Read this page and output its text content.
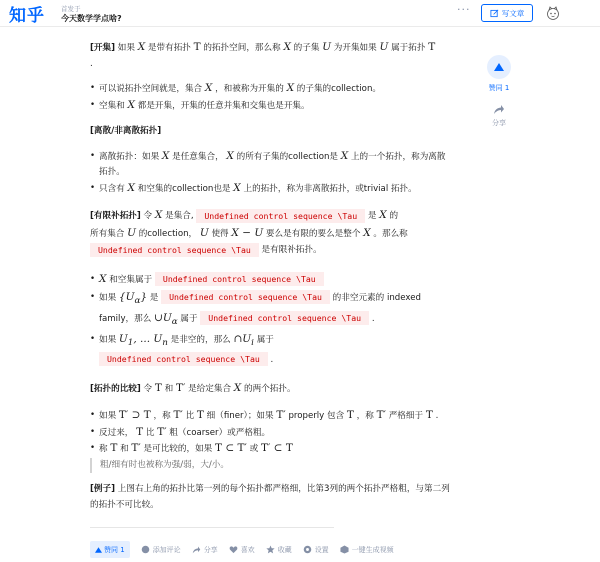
知乎 首发于
今天数学学点啥?
···	写文章
赞同 1
分享

[开集] 如果 X 是带有拓扑 T 的拓扑空间，那么称 X 的子集 U 为开集如果 U 属于拓扑 T
.

• 可以说拓扑空间就是，集合 X ，和被称为开集的 X 的子集的collection。
• 空集和 X 都是开集，开集的任意并集和交集也是开集。

[离散/非离散拓扑]

• 离散拓扑：如果 X 是任意集合， X 的所有子集的collection是 X 上的一个拓扑，称为离散拓扑。
• 只含有 X 和空集的collection也是 X 上的拓扑，称为非离散拓扑，或trivial 拓扑。

[有限补拓扑] 令 X 是集合, Undefined control sequence \Tau 是 X 的
所有集合 U 的collection， U 使得 X − U 要么是有限的要么是整个 X 。那么称
Undefined control sequence \Tau 是有限补拓扑。

• X 和空集属于 Undefined control sequence \Tau
• 如果 $\{U_\alpha\}$ 是 Undefined control sequence \Tau 的非空元素的 indexed family，那么 $\cup U_\alpha$ 属于 Undefined control sequence \Tau .
• 如果 $U_1$, ... $U_n$ 是非空的，那么 $\cap U_i$ 属于
Undefined control sequence \Tau .

[拓扑的比较] 令 T 和 T′ 是给定集合 X 的两个拓扑。

• 如果 T′ ⊃ T ，称 T′ 比 T 细（finer）；如果 T′ properly 包含 T ，称 T′ 严格细于 T .
• 反过来， T 比 T′ 粗（coarser）或严格粗。
• 称 T 和 T′ 是可比较的，如果 T ⊂ T′ 或 T′ ⊂ T

粗/细有时也被称为强/弱，大/小。

[例子] 上图右上角的拓扑比第一列的每个拓扑都严格细，比第3列的两个拓扑严格粗，与第二列的拓扑不可比较。

赞同 1	添加评论	分享	喜欢	收藏	设置	一键生成视频
